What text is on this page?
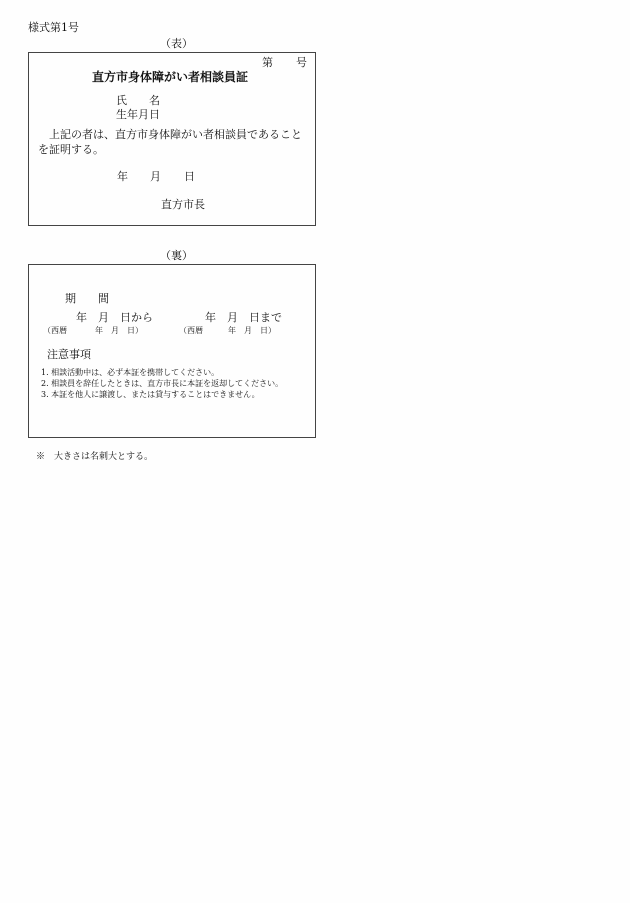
様式第1号
（表）
第 号
直方市身体障がい者相談員証
氏　　名
生年月日
上記の者は、直方市身体障がい者相談員であることを証明する。
年 月 日
直方市長
（裏）
期　　間
年　月　日から	年　月　日まで
（西暦	年　月　日）	（西暦	年　月　日）
注意事項
1. 相談活動中は、必ず本証を携帯してください。
2. 相談員を辞任したときは、直方市長に本証を返却してください。
3. 本証を他人に譲渡し、または貸与することはできません。
※　大きさは名刺大とする。
